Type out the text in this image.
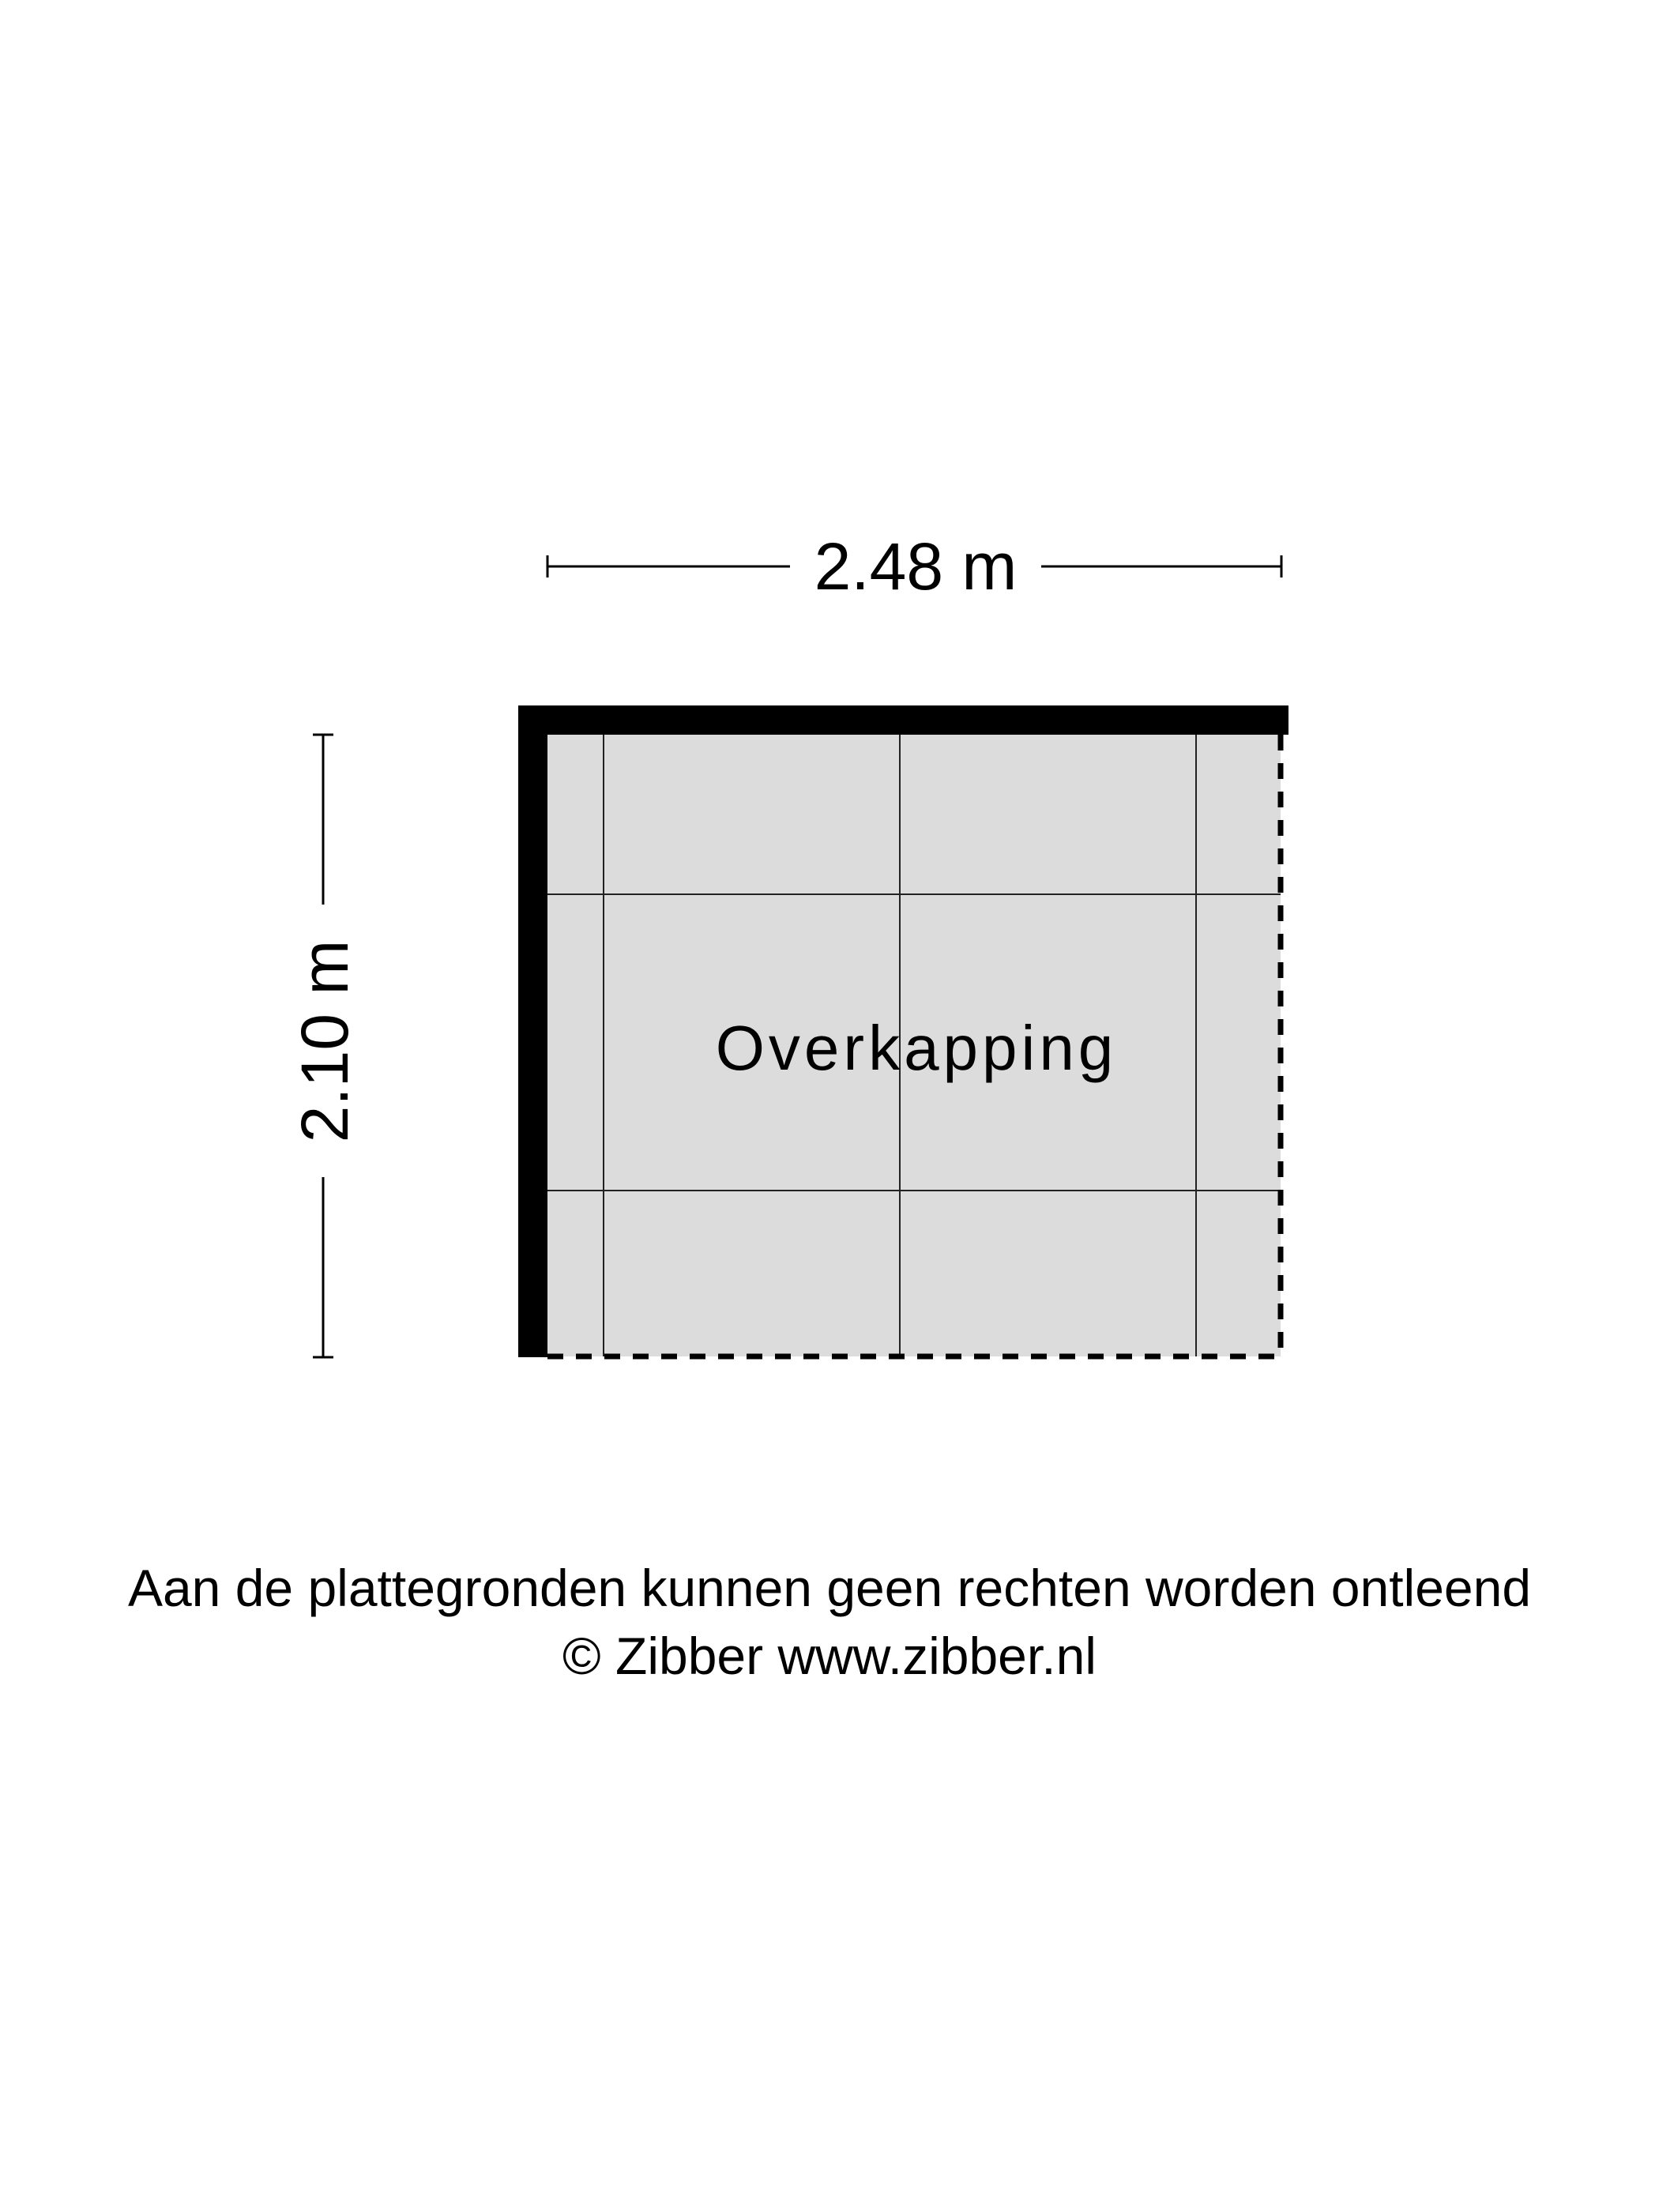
2.48 m
2.10 m	Overkapping
Aan de plattegronden kunnen geen rechten worden ontleend
© Zibber www.zibber.nl
